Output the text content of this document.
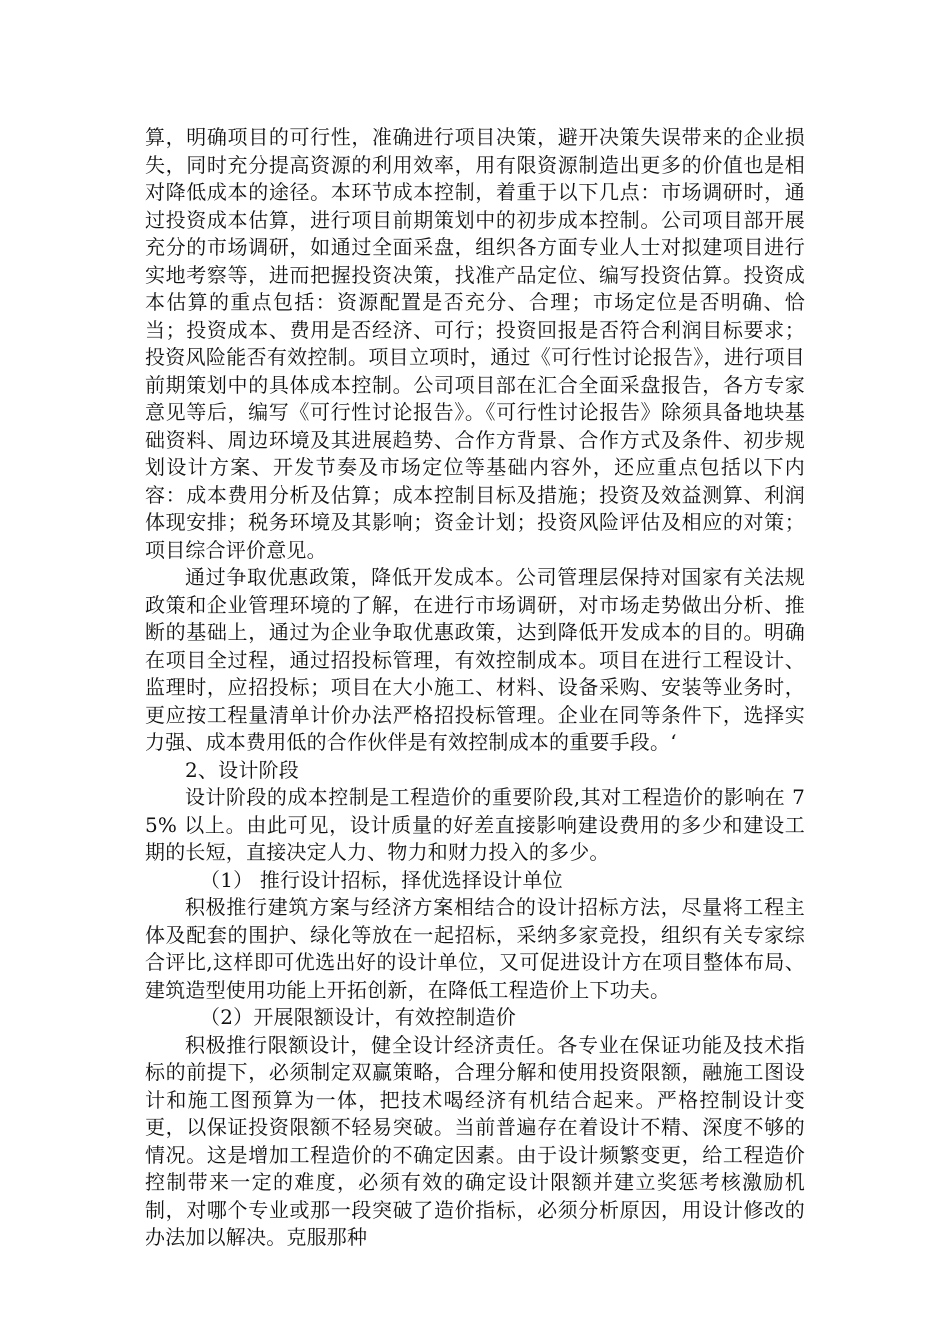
算，明确项目的可行性，准确进行项目决策，避开决策失误带来的企业损失，同时充分提高资源的利用效率，用有限资源制造出更多的价值也是相对降低成本的途径。本环节成本控制，着重于以下几点：市场调研时，通过投资成本估算，进行项目前期策划中的初步成本控制。公司项目部开展充分的市场调研，如通过全面采盘，组织各方面专业人士对拟建项目进行实地考察等，进而把握投资决策，找准产品定位、编写投资估算。投资成本估算的重点包括：资源配置是否充分、合理；市场定位是否明确、恰当；投资成本、费用是否经济、可行；投资回报是否符合利润目标要求；投资风险能否有效控制。项目立项时，通过《可行性讨论报告》，进行项目前期策划中的具体成本控制。公司项目部在汇合全面采盘报告，各方专家意见等后，编写《可行性讨论报告》。《可行性讨论报告》除须具备地块基础资料、周边环境及其进展趋势、合作方背景、合作方式及条件、初步规划设计方案、开发节奏及市场定位等基础内容外，还应重点包括以下内容：成本费用分析及估算；成本控制目标及措施；投资及效益测算、利润体现安排；税务环境及其影响；资金计划；投资风险评估及相应的对策；项目综合评价意见。

通过争取优惠政策，降低开发成本。公司管理层保持对国家有关法规政策和企业管理环境的了解，在进行市场调研，对市场走势做出分析、推断的基础上，通过为企业争取优惠政策，达到降低开发成本的目的。明确在项目全过程，通过招投标管理，有效控制成本。项目在进行工程设计、监理时，应招投标；项目在大小施工、材料、设备采购、安装等业务时，更应按工程量清单计价办法严格招投标管理。企业在同等条件下，选择实力强、成本费用低的合作伙伴是有效控制成本的重要手段。‘

2、设计阶段

设计阶段的成本控制是工程造价的重要阶段,其对工程造价的影响在 75% 以上。由此可见，设计质量的好差直接影响建设费用的多少和建设工期的长短，直接决定人力、物力和财力投入的多少。

（1） 推行设计招标，择优选择设计单位

积极推行建筑方案与经济方案相结合的设计招标方法，尽量将工程主体及配套的围护、绿化等放在一起招标，采纳多家竞投，组织有关专家综合评比,这样即可优选出好的设计单位，又可促进设计方在项目整体布局、建筑造型使用功能上开拓创新，在降低工程造价上下功夫。

（2）开展限额设计，有效控制造价

积极推行限额设计，健全设计经济责任。各专业在保证功能及技术指标的前提下，必须制定双赢策略，合理分解和使用投资限额，融施工图设计和施工图预算为一体，把技术喝经济有机结合起来。严格控制设计变更，以保证投资限额不轻易突破。当前普遍存在着设计不精、深度不够的情况。这是增加工程造价的不确定因素。由于设计频繁变更，给工程造价控制带来一定的难度，必须有效的确定设计限额并建立奖惩考核激励机制，对哪个专业或那一段突破了造价指标，必须分析原因，用设计修改的办法加以解决。克服那种
